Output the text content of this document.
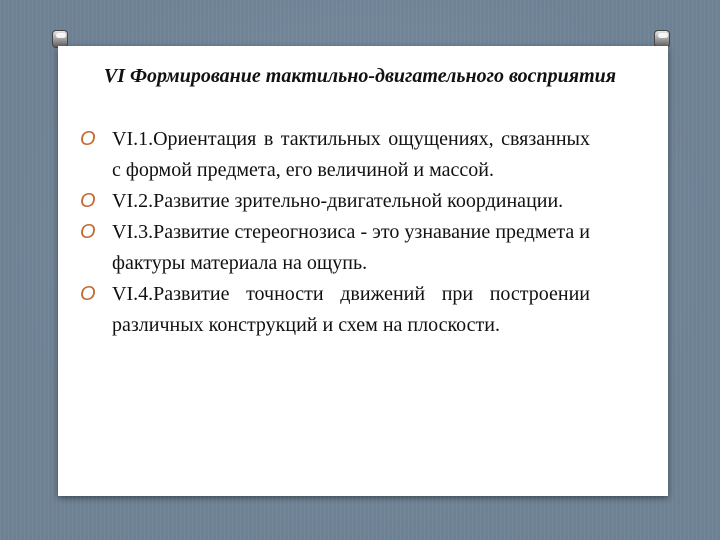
VI Формирование тактильно-двигательного восприятия
O VI.1.Ориентация в тактильных ощущениях, связанных с формой предмета, его величиной и массой.
O VI.2.Развитие зрительно-двигательной координации.
O VI.3.Развитие стереогнозиса - это узнавание предмета и фактуры материала на ощупь.
O VI.4.Развитие точности движений при построении различных конструкций и схем на плоскости.
